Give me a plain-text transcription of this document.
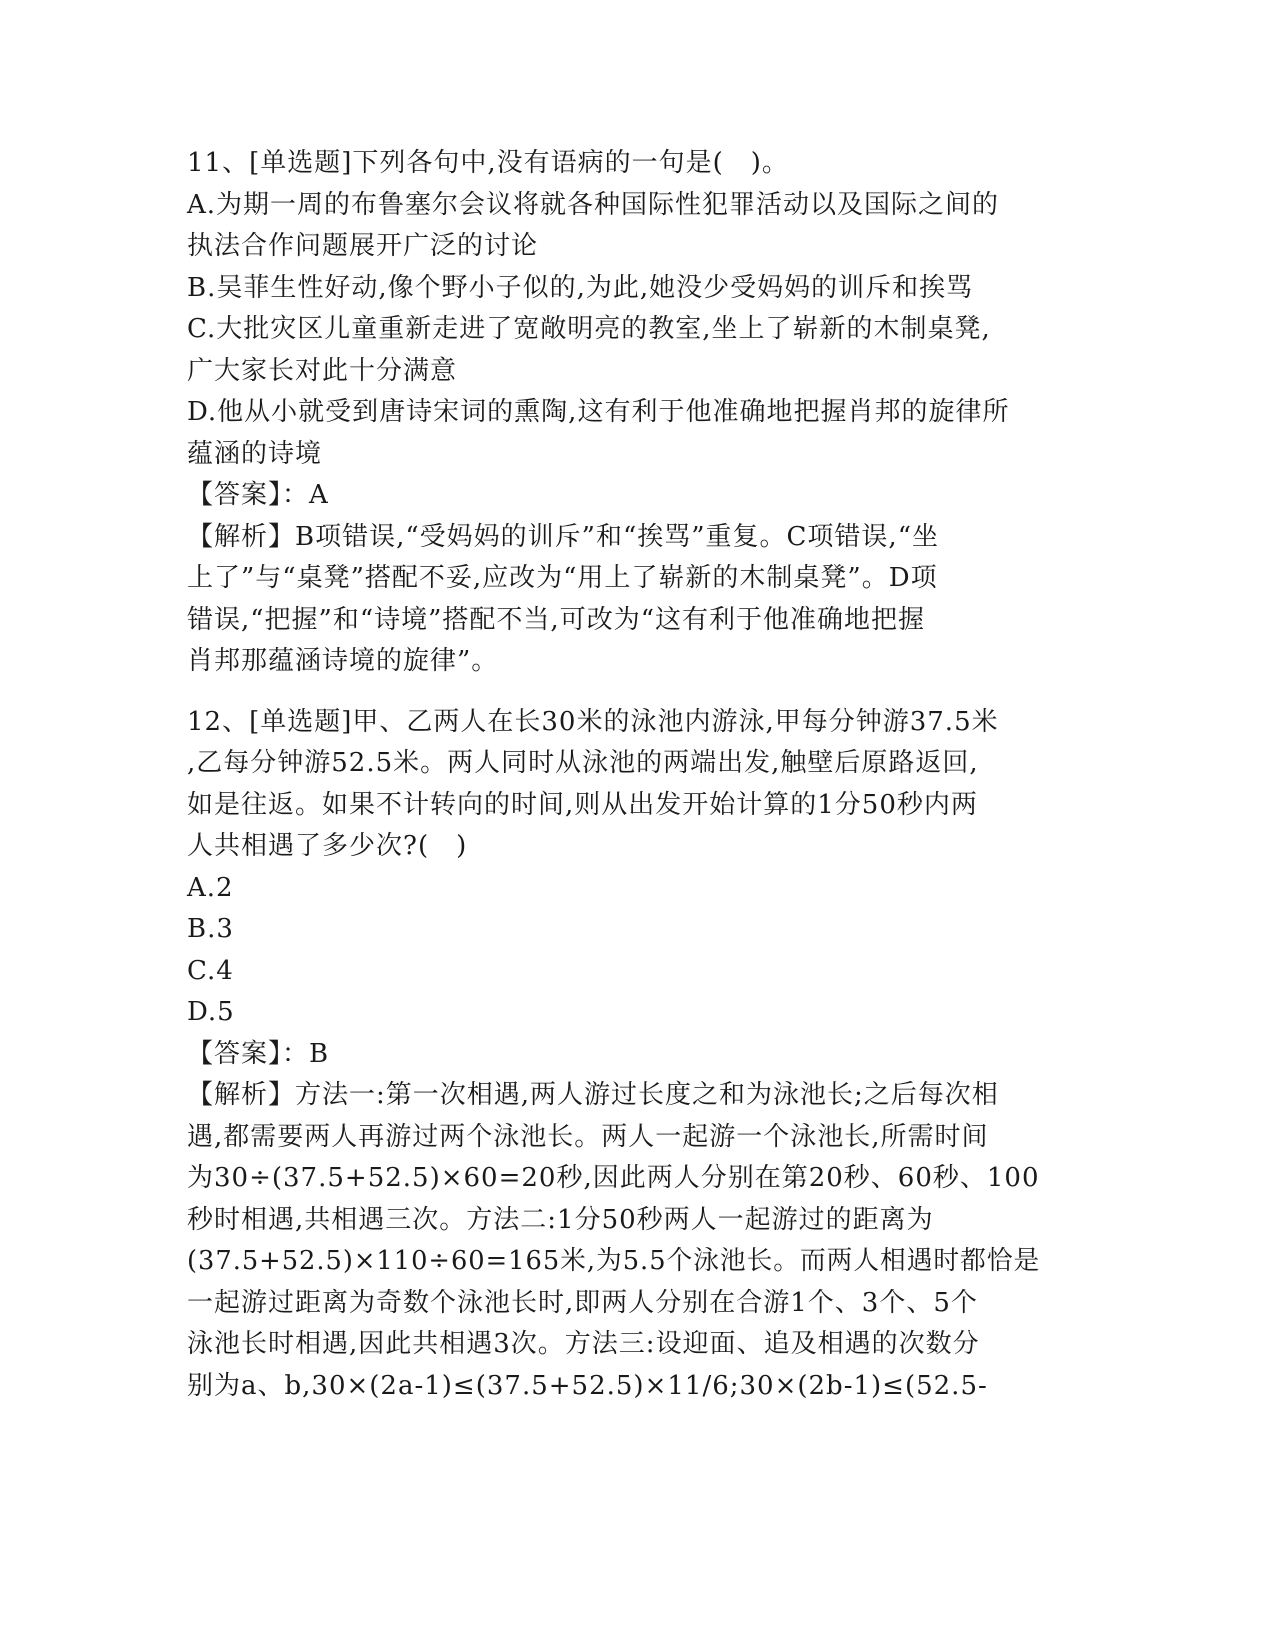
11、[单选题]下列各句中,没有语病的一句是(　)。
A.为期一周的布鲁塞尔会议将就各种国际性犯罪活动以及国际之间的
执法合作问题展开广泛的讨论
B.吴菲生性好动,像个野小子似的,为此,她没少受妈妈的训斥和挨骂
C.大批灾区儿童重新走进了宽敞明亮的教室,坐上了崭新的木制桌凳,
广大家长对此十分满意
D.他从小就受到唐诗宋词的熏陶,这有利于他准确地把握肖邦的旋律所
蕴涵的诗境
【答案】：A
【解析】B项错误,“受妈妈的训斥”和“挨骂”重复。C项错误,“坐
上了”与“桌凳”搭配不妥,应改为“用上了崭新的木制桌凳”。D项
错误,“把握”和“诗境”搭配不当,可改为“这有利于他准确地把握
肖邦那蕴涵诗境的旋律”。
12、[单选题]甲、乙两人在长30米的泳池内游泳,甲每分钟游37.5米
,乙每分钟游52.5米。两人同时从泳池的两端出发,触壁后原路返回,
如是往返。如果不计转向的时间,则从出发开始计算的1分50秒内两
人共相遇了多少次?(　)
A.2
B.3
C.4
D.5
【答案】：B
【解析】方法一:第一次相遇,两人游过长度之和为泳池长;之后每次相
遇,都需要两人再游过两个泳池长。两人一起游一个泳池长,所需时间
为30÷(37.5+52.5)×60=20秒,因此两人分别在第20秒、60秒、100
秒时相遇,共相遇三次。方法二:1分50秒两人一起游过的距离为
(37.5+52.5)×110÷60=165米,为5.5个泳池长。而两人相遇时都恰是
一起游过距离为奇数个泳池长时,即两人分别在合游1个、3个、5个
泳池长时相遇,因此共相遇3次。方法三:设迎面、追及相遇的次数分
别为a、b,30×(2a-1)≤(37.5+52.5)×11/6;30×(2b-1)≤(52.5-
